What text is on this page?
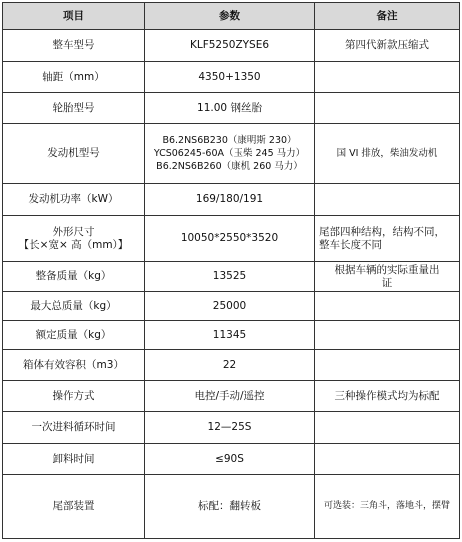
项目	参数	备注
整车型号	KLF5250ZYSE6	第四代新款压缩式
轴距（mm）	4350+1350	
轮胎型号	11.00 钢丝胎	
发动机型号	B6.2NS6B230（康明斯 230）
YCS06245-60A（玉柴 245 马力）
B6.2NS6B260（康机 260 马力）	国 VI 排放，柴油发动机
发动机功率（kW）	169/180/191	

外形尺寸
【长×宽× 高（mm）】	10050*2550*3520	尾部四种结构，结构不同，整车长度不同
整备质量（kg）	13525	根据车辆的实际重量出证
最大总质量（kg）	25000	
额定质量（kg）	11345	
箱体有效容积（m3）	22	
操作方式	电控/手动/遥控	三种操作模式均为标配
一次进料循环时间	12—25S	
卸料时间	≤90S	
尾部装置	标配：翻转板	可选装：三角斗，落地斗，摆臂
